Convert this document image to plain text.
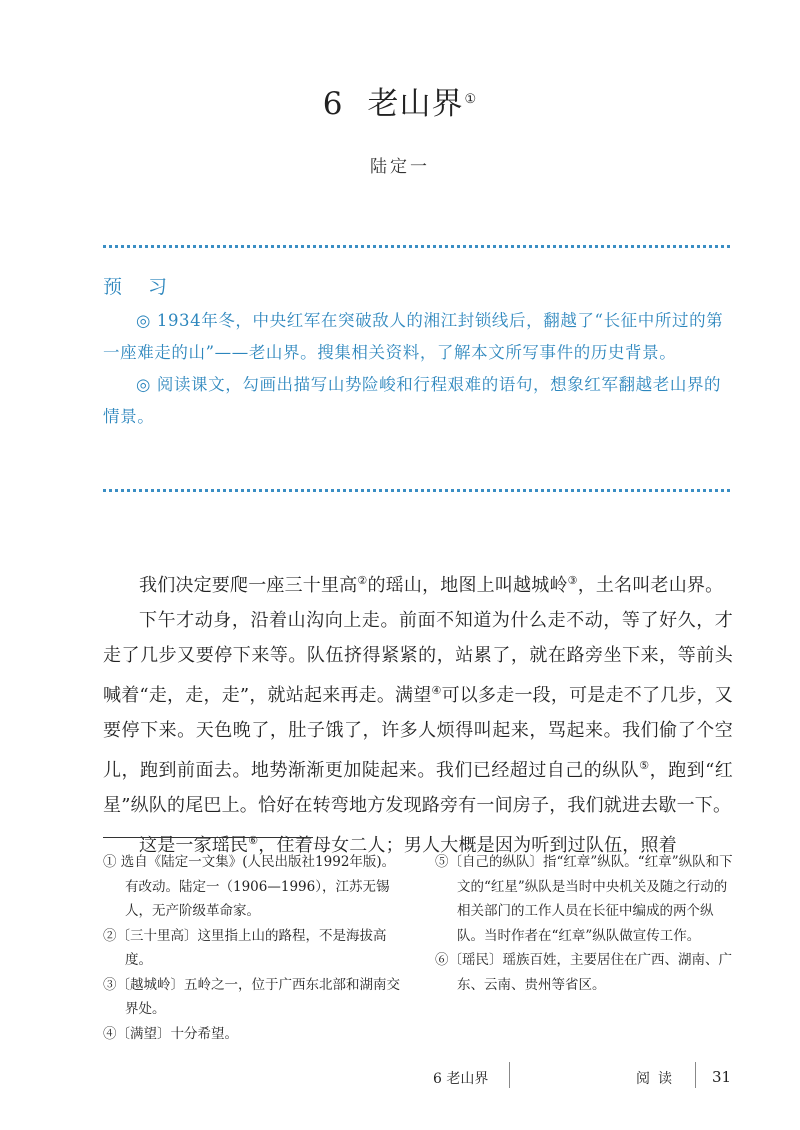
6 老山界①
陆定一
预 习

◎ 1934年冬，中央红军在突破敌人的湘江封锁线后，翻越了“长征中所过的第一座难走的山”——老山界。搜集相关资料，了解本文所写事件的历史背景。

◎ 阅读课文，勾画出描写山势险峻和行程艰难的语句，想象红军翻越老山界的情景。

我们决定要爬一座三十里高②的瑶山，地图上叫越城岭③，土名叫老山界。

下午才动身，沿着山沟向上走。前面不知道为什么走不动，等了好久，才走了几步又要停下来等。队伍挤得紧紧的，站累了，就在路旁坐下来，等前头喊着“走，走，走”，就站起来再走。满望④可以多走一段，可是走不了几步，又要停下来。天色晚了，肚子饿了，许多人烦得叫起来，骂起来。我们偷了个空儿，跑到前面去。地势渐渐更加陡起来。我们已经超过自己的纵队⑤，跑到“红星”纵队的尾巴上。恰好在转弯地方发现路旁有一间房子，我们就进去歇一下。

这是一家瑶民⑥，住着母女二人；男人大概是因为听到过队伍，照着

① 选自《陆定一文集》(人民出版社1992年版)。有改动。陆定一（1906—1996），江苏无锡人，无产阶级革命家。
②〔三十里高〕这里指上山的路程，不是海拔高度。
③〔越城岭〕五岭之一，位于广西东北部和湖南交界处。
④〔满望〕十分希望。
⑤〔自己的纵队〕指“红章”纵队。“红章”纵队和下文的“红星”纵队是当时中央机关及随之行动的相关部门的工作人员在长征中编成的两个纵队。当时作者在“红章”纵队做宣传工作。
⑥〔瑶民〕瑶族百姓，主要居住在广西、湖南、广东、云南、贵州等省区。
6 老山界	阅读 31
